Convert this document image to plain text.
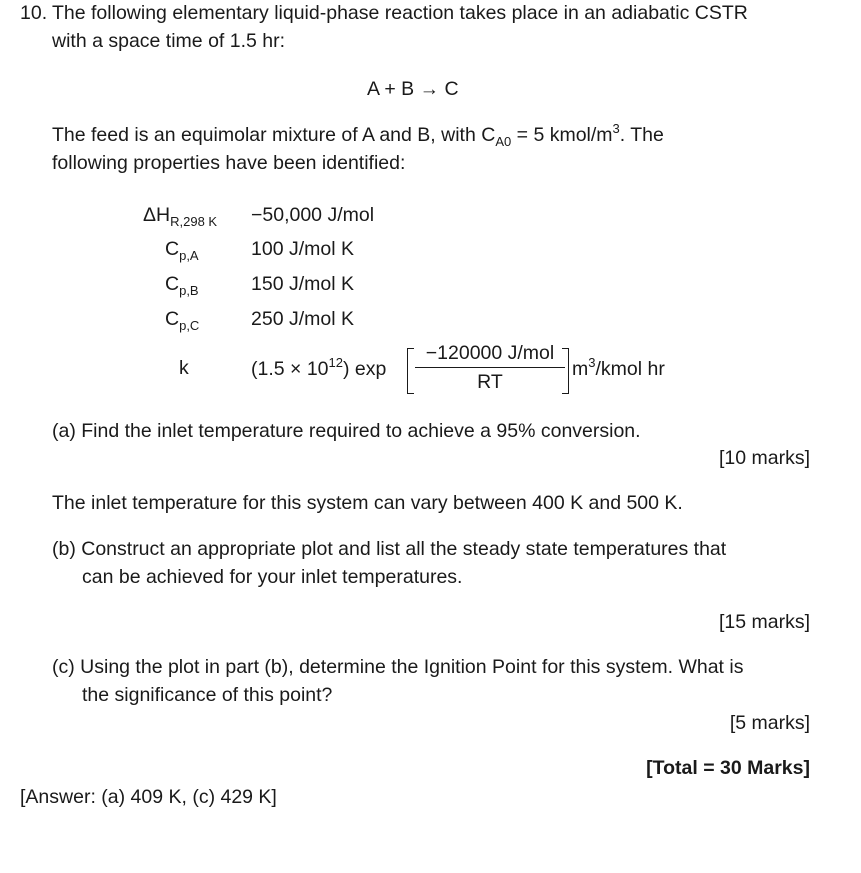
10. The following elementary liquid-phase reaction takes place in an adiabatic CSTR
with a space time of 1.5 hr:
A + B → C
The feed is an equimolar mixture of A and B, with $C_{A0} = 5$ kmol/$m^3$. The
following properties have been identified:
$\Delta H_{R,298 K} -50,000$ J/mol
$C_{p,A}$	100 J/mol K
$C_{p,B}$	150 J/mol K
$C_{p,C}$	250 J/mol K
k	$(1.5 \times 10^{12})$ exp
−120000 J/mol
RT
$m^3$/kmol hr
(a) Find the inlet temperature required to achieve a 95% conversion.
[10 marks]
The inlet temperature for this system can vary between 400 K and 500 K.
(b) Construct an appropriate plot and list all the steady state temperatures that
can be achieved for your inlet temperatures.
[15 marks]
(c) Using the plot in part (b), determine the Ignition Point for this system. What is
the significance of this point?
[5 marks]
[Total = 30 Marks]
[Answer: (a) 409 K, (c) 429 K]
